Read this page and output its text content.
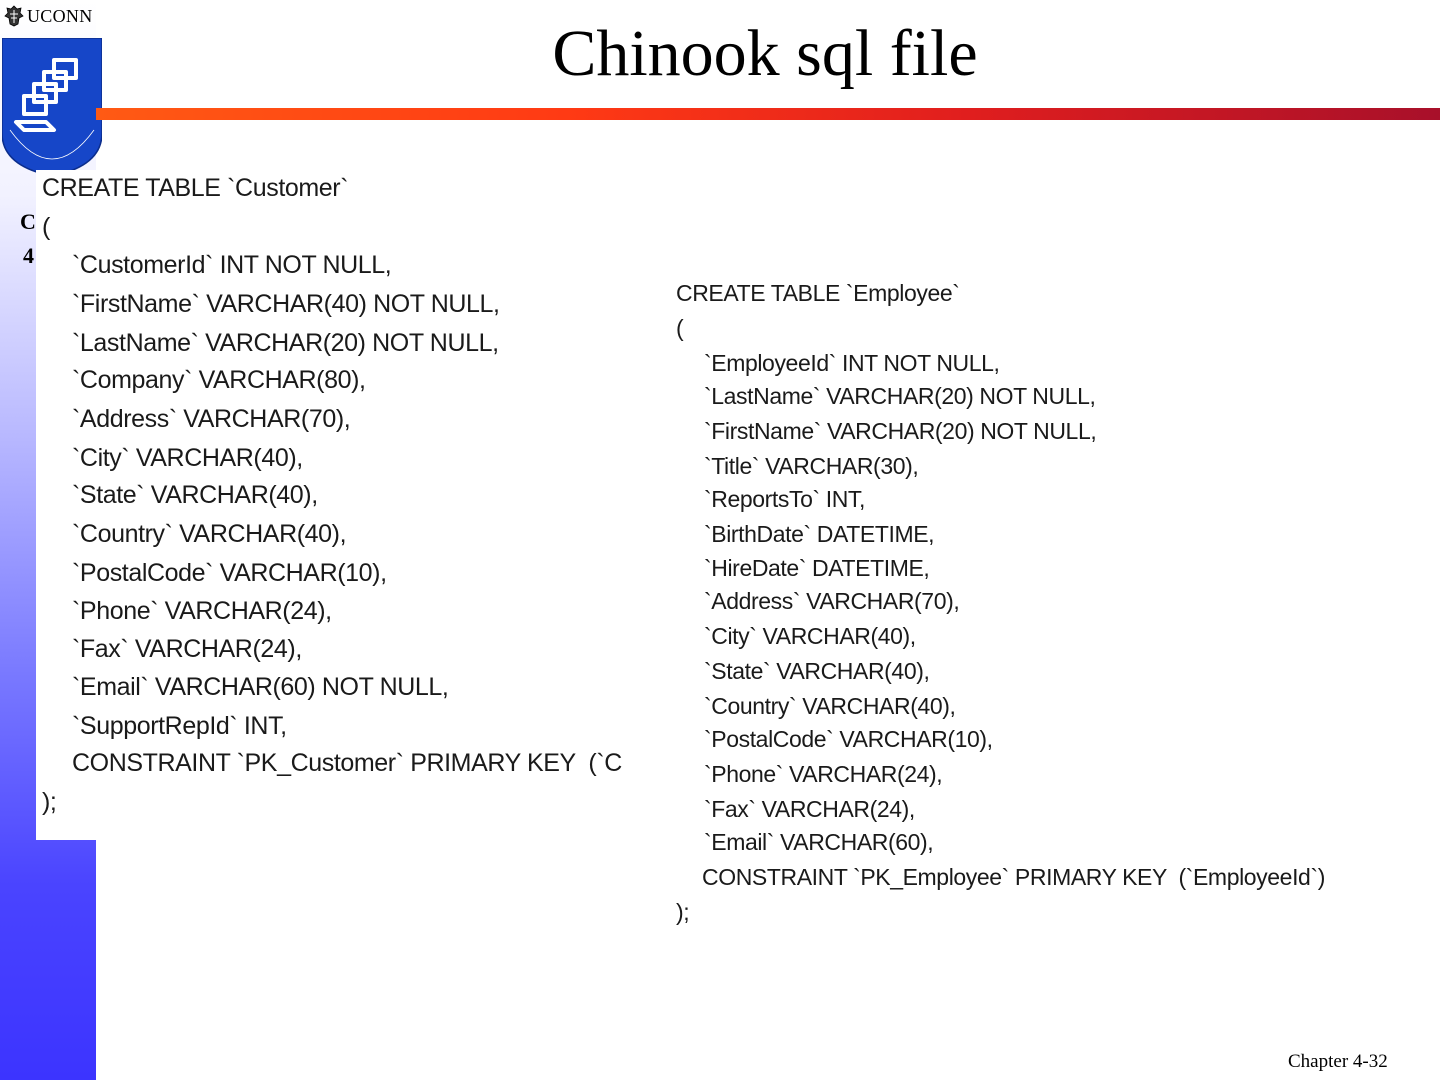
C
4
UCONN
Chinook sql file
CREATE TABLE `Customer`
(
`CustomerId` INT NOT NULL,
`FirstName` VARCHAR(40) NOT NULL,
`LastName` VARCHAR(20) NOT NULL,
`Company` VARCHAR(80),
`Address` VARCHAR(70),
`City` VARCHAR(40),
`State` VARCHAR(40),
`Country` VARCHAR(40),
`PostalCode` VARCHAR(10),
`Phone` VARCHAR(24),
`Fax` VARCHAR(24),
`Email` VARCHAR(60) NOT NULL,
`SupportRepId` INT,
CONSTRAINT `PK_Customer` PRIMARY KEY  (`C
);
CREATE TABLE `Employee`
(
`EmployeeId` INT NOT NULL,
`LastName` VARCHAR(20) NOT NULL,
`FirstName` VARCHAR(20) NOT NULL,
`Title` VARCHAR(30),
`ReportsTo` INT,
`BirthDate` DATETIME,
`HireDate` DATETIME,
`Address` VARCHAR(70),
`City` VARCHAR(40),
`State` VARCHAR(40),
`Country` VARCHAR(40),
`PostalCode` VARCHAR(10),
`Phone` VARCHAR(24),
`Fax` VARCHAR(24),
`Email` VARCHAR(60),
CONSTRAINT `PK_Employee` PRIMARY KEY  (`EmployeeId`)
);
Chapter 4-32
